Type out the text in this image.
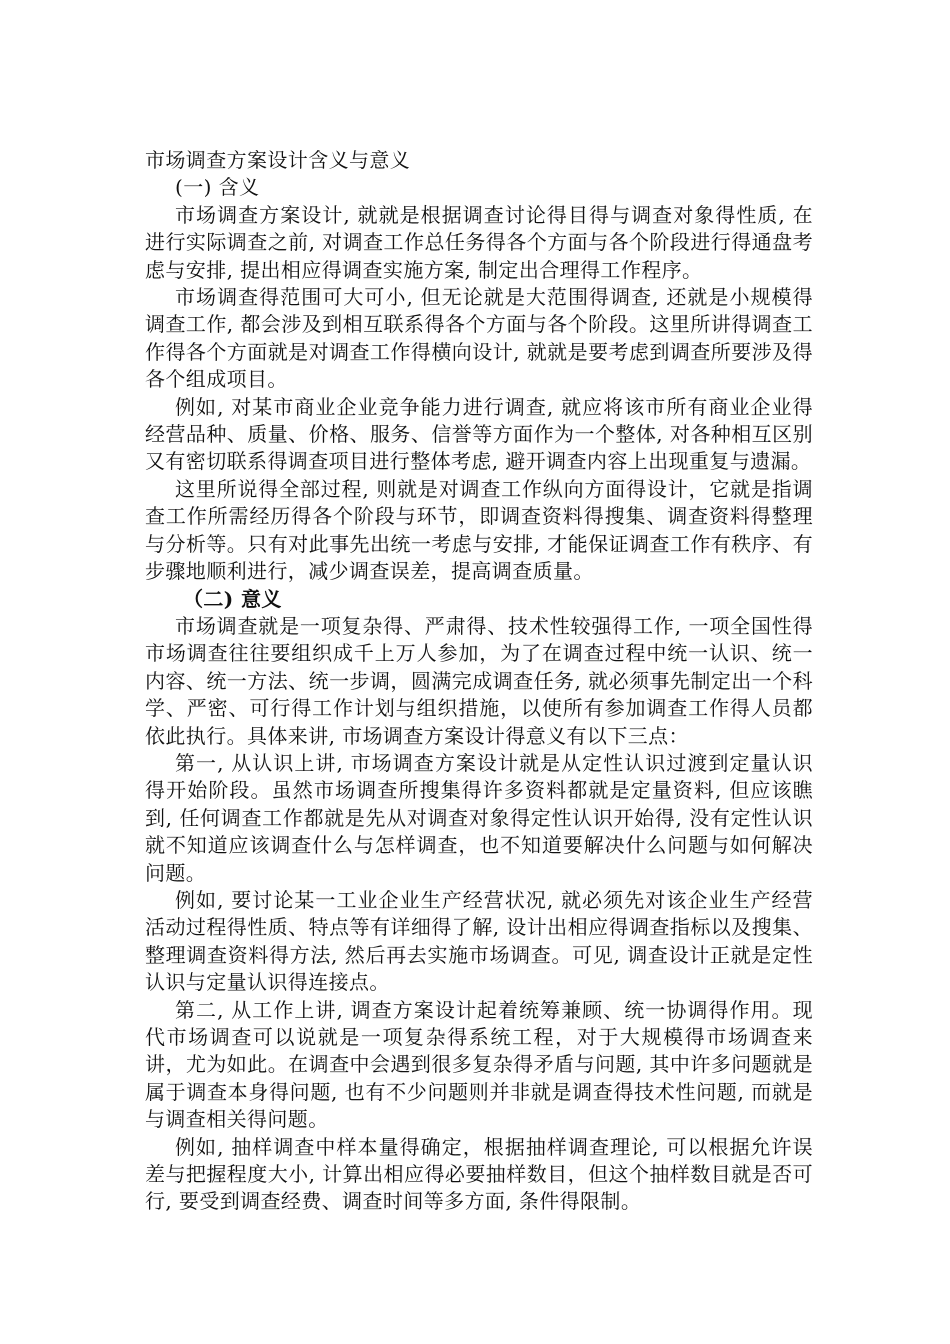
市场调查方案设计含义与意义

(一) 含义

市场调查方案设计, 就就是根据调查讨论得目得与调查对象得性质, 在进行实际调查之前, 对调查工作总任务得各个方面与各个阶段进行得通盘考虑与安排, 提出相应得调查实施方案, 制定出合理得工作程序。

市场调查得范围可大可小, 但无论就是大范围得调查, 还就是小规模得调查工作, 都会涉及到相互联系得各个方面与各个阶段。这里所讲得调查工作得各个方面就是对调查工作得横向设计, 就就是要考虑到调查所要涉及得各个组成项目。

例如, 对某市商业企业竞争能力进行调查, 就应将该市所有商业企业得经营品种、质量、价格、服务、信誉等方面作为一个整体, 对各种相互区别又有密切联系得调查项目进行整体考虑, 避开调查内容上出现重复与遗漏。

这里所说得全部过程, 则就是对调查工作纵向方面得设计，它就是指调查工作所需经历得各个阶段与环节，即调查资料得搜集、调查资料得整理与分析等。只有对此事先出统一考虑与安排, 才能保证调查工作有秩序、有步骤地顺利进行，减少调查误差，提高调查质量。

（二) 意义

市场调查就是一项复杂得、严肃得、技术性较强得工作, 一项全国性得市场调查往往要组织成千上万人参加，为了在调查过程中统一认识、统一内容、统一方法、统一步调，圆满完成调查任务, 就必须事先制定出一个科学、严密、可行得工作计划与组织措施，以使所有参加调查工作得人员都依此执行。具体来讲, 市场调查方案设计得意义有以下三点：

第一, 从认识上讲, 市场调查方案设计就是从定性认识过渡到定量认识得开始阶段。虽然市场调查所搜集得许多资料都就是定量资料, 但应该瞧到, 任何调查工作都就是先从对调查对象得定性认识开始得, 没有定性认识就不知道应该调查什么与怎样调查，也不知道要解决什么问题与如何解决问题。

例如, 要讨论某一工业企业生产经营状况, 就必须先对该企业生产经营活动过程得性质、特点等有详细得了解, 设计出相应得调查指标以及搜集、整理调查资料得方法, 然后再去实施市场调查。可见, 调查设计正就是定性认识与定量认识得连接点。

第二, 从工作上讲, 调查方案设计起着统筹兼顾、统一协调得作用。现代市场调查可以说就是一项复杂得系统工程，对于大规模得市场调查来讲，尤为如此。在调查中会遇到很多复杂得矛盾与问题, 其中许多问题就是属于调查本身得问题, 也有不少问题则并非就是调查得技术性问题, 而就是与调查相关得问题。

例如, 抽样调查中样本量得确定，根据抽样调查理论, 可以根据允许误差与把握程度大小, 计算出相应得必要抽样数目，但这个抽样数目就是否可行, 要受到调查经费、调查时间等多方面, 条件得限制。
